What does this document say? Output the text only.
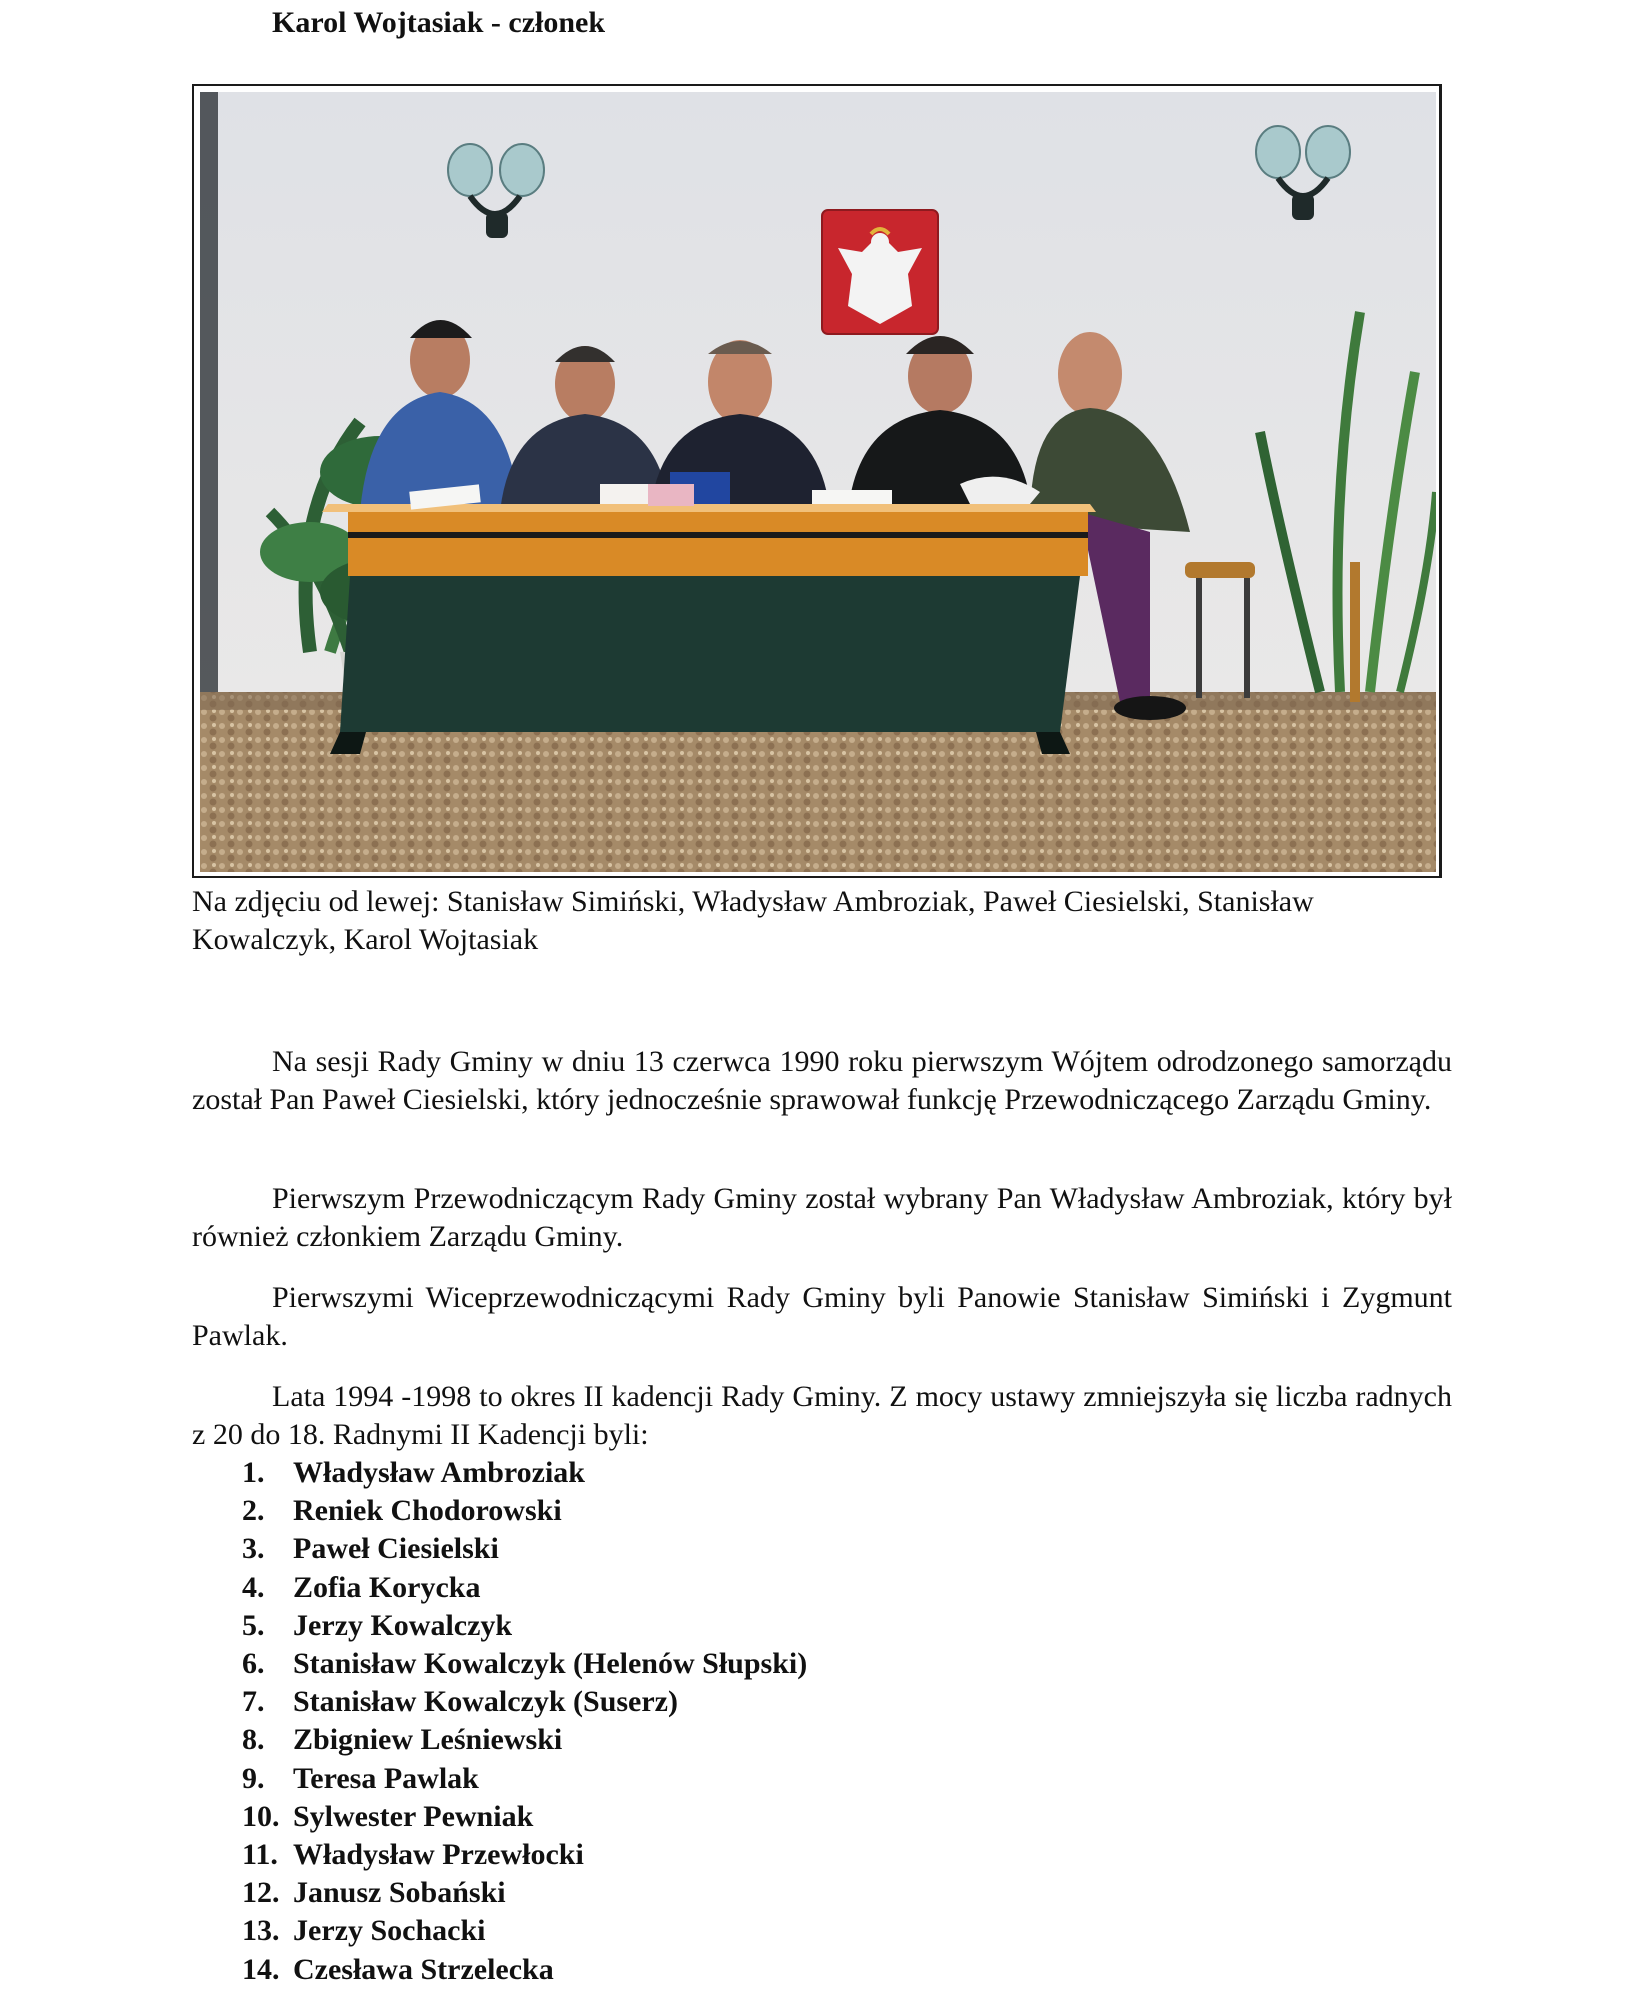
Karol Wojtasiak - członek
Na zdjęciu od lewej: Stanisław Simiński, Władysław Ambroziak, Paweł Ciesielski, Stanisław Kowalczyk, Karol Wojtasiak
Na sesji Rady Gminy w dniu 13 czerwca 1990 roku pierwszym Wójtem odrodzonego samorządu został Pan Paweł Ciesielski, który jednocześnie sprawował funkcję Przewodniczącego Zarządu Gminy.
Pierwszym Przewodniczącym Rady Gminy został wybrany Pan Władysław Ambroziak, który był również członkiem Zarządu Gminy.
Pierwszymi Wiceprzewodniczącymi Rady Gminy byli Panowie Stanisław Simiński i Zygmunt Pawlak.
Lata 1994 -1998 to okres II kadencji Rady Gminy. Z mocy ustawy zmniejszyła się liczba radnych z 20 do 18. Radnymi II Kadencji byli:
1. Władysław Ambroziak
2. Reniek Chodorowski
3. Paweł Ciesielski
4. Zofia Korycka
5. Jerzy Kowalczyk
6. Stanisław Kowalczyk (Helenów Słupski)
7. Stanisław Kowalczyk (Suserz)
8. Zbigniew Leśniewski
9. Teresa Pawlak
10. Sylwester Pewniak
11. Władysław Przewłocki
12. Janusz Sobański
13. Jerzy Sochacki
14. Czesława Strzelecka
